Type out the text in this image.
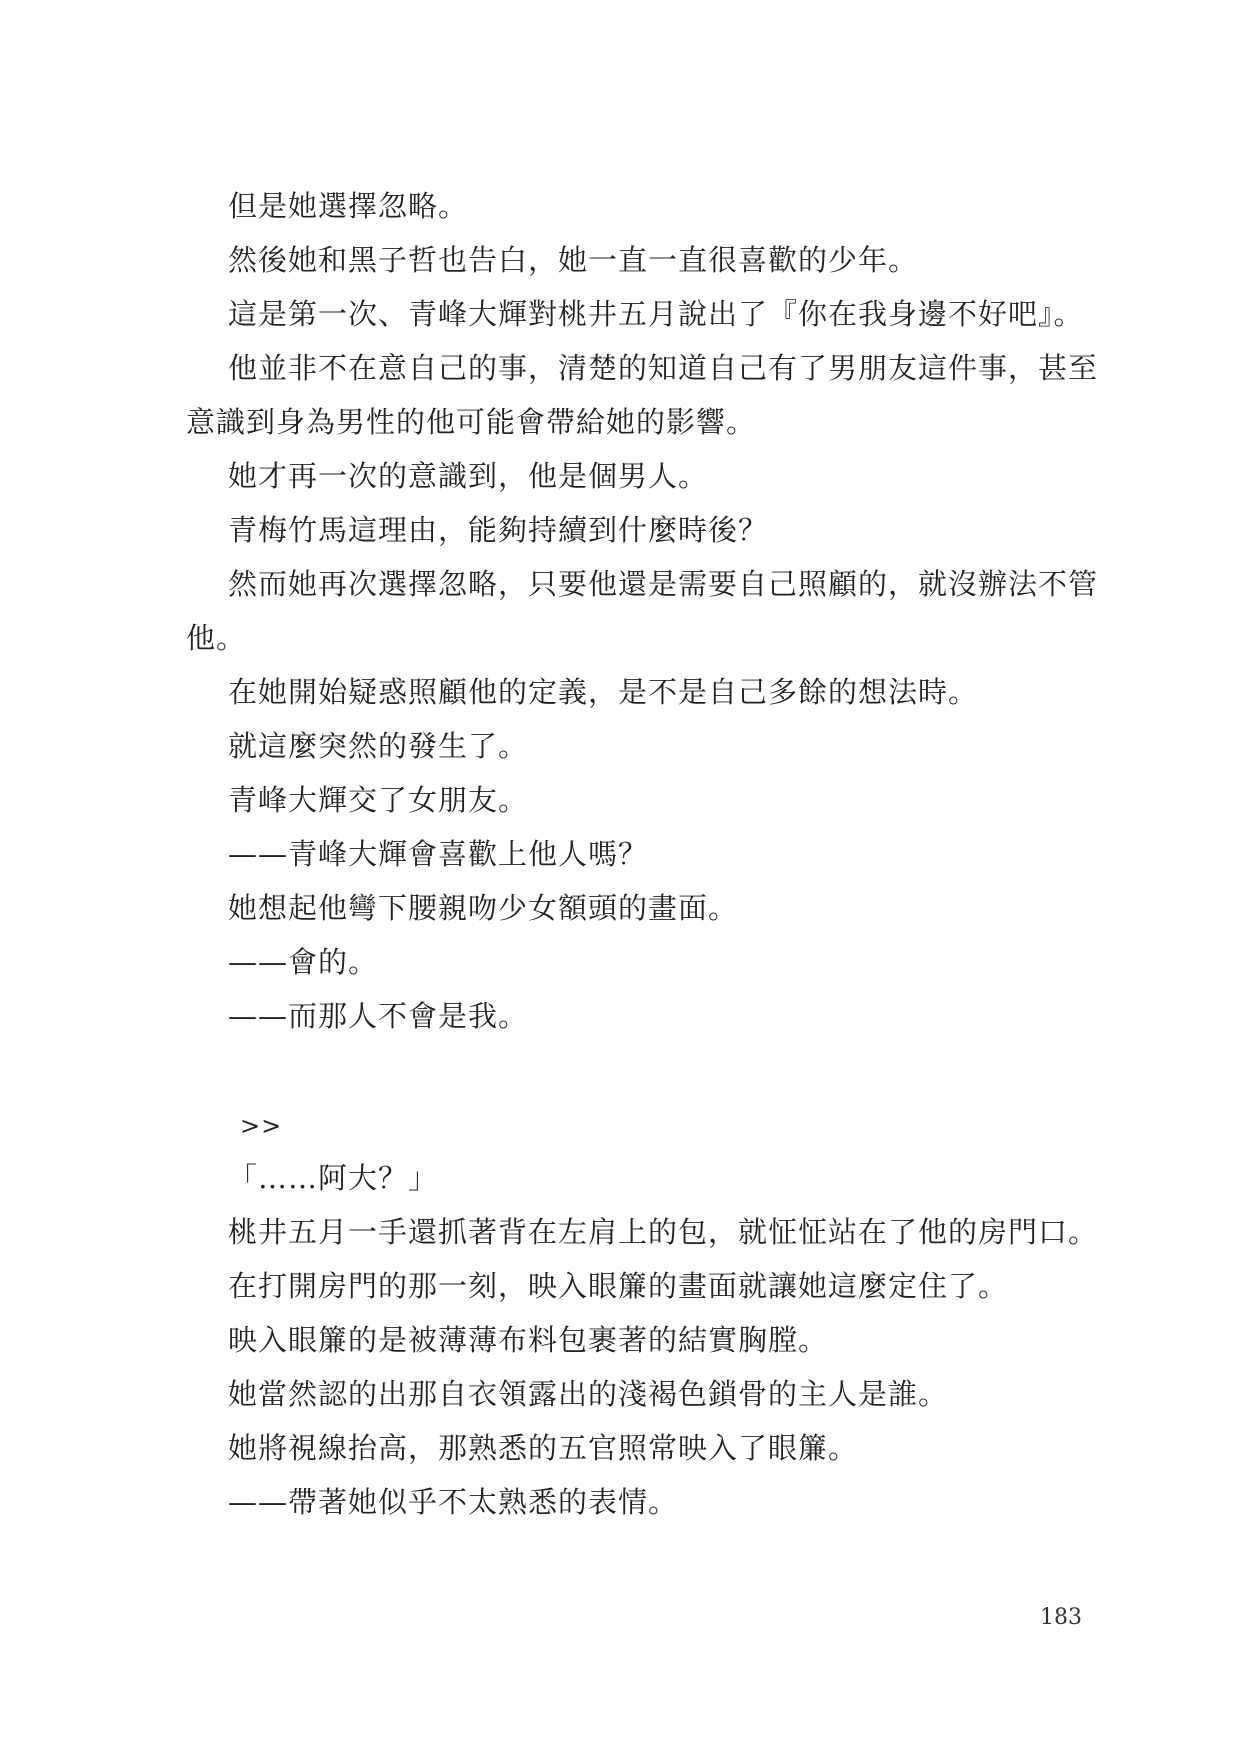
但是她選擇忽略。
然後她和黑子哲也告白，她一直一直很喜歡的少年。
這是第一次、青峰大輝對桃井五月說出了『你在我身邊不好吧』。
他並非不在意自己的事，清楚的知道自己有了男朋友這件事，甚至
意識到身為男性的他可能會帶給她的影響。
她才再一次的意識到，他是個男人。
青梅竹馬這理由，能夠持續到什麼時後？
然而她再次選擇忽略，只要他還是需要自己照顧的，就沒辦法不管
他。
在她開始疑惑照顧他的定義，是不是自己多餘的想法時。
就這麼突然的發生了。
青峰大輝交了女朋友。
——青峰大輝會喜歡上他人嗎？
她想起他彎下腰親吻少女額頭的畫面。
——會的。
——而那人不會是我。
>>
「……阿大？」
桃井五月一手還抓著背在左肩上的包，就怔怔站在了他的房門口。
在打開房門的那一刻，映入眼簾的畫面就讓她這麼定住了。
映入眼簾的是被薄薄布料包裹著的結實胸膛。
她當然認的出那自衣領露出的淺褐色鎖骨的主人是誰。
她將視線抬高，那熟悉的五官照常映入了眼簾。
——帶著她似乎不太熟悉的表情。
183
